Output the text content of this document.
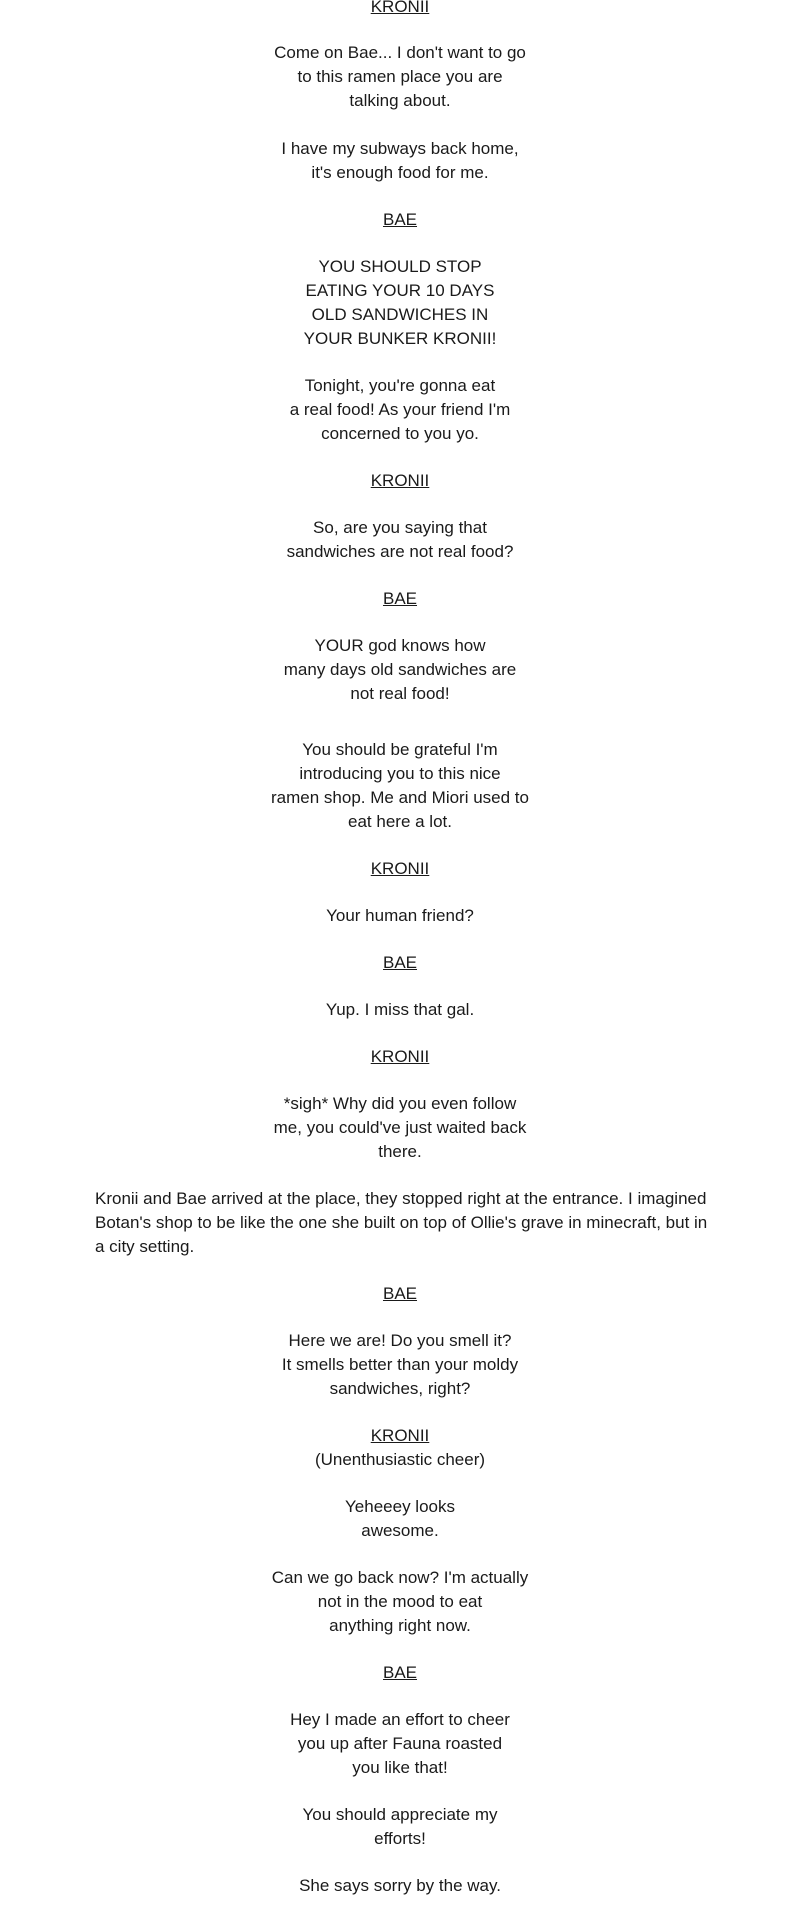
KRONII
Come on Bae... I don't want to go
to this ramen place you are
talking about.
I have my subways back home,
it's enough food for me.
BAE
YOU SHOULD STOP
EATING YOUR 10 DAYS
OLD SANDWICHES IN
YOUR BUNKER KRONII!
Tonight, you're gonna eat
a real food! As your friend I'm
concerned to you yo.
KRONII
So, are you saying that
sandwiches are not real food?
BAE
YOUR god knows how
many days old sandwiches are
not real food!
You should be grateful I'm
introducing you to this nice
ramen shop. Me and Miori used to
eat here a lot.
KRONII
Your human friend?
BAE
Yup. I miss that gal.
KRONII
*sigh* Why did you even follow
me, you could've just waited back
there.
Kronii and Bae arrived at the place, they stopped right at the entrance. I imagined
Botan's shop to be like the one she built on top of Ollie's grave in minecraft, but in
a city setting.
BAE
Here we are! Do you smell it?
It smells better than your moldy
sandwiches, right?
KRONII
(Unenthusiastic cheer)
Yeheeey looks
awesome.
Can we go back now? I'm actually
not in the mood to eat
anything right now.
BAE
Hey I made an effort to cheer
you up after Fauna roasted
you like that!
You should appreciate my
efforts!
She says sorry by the way.
